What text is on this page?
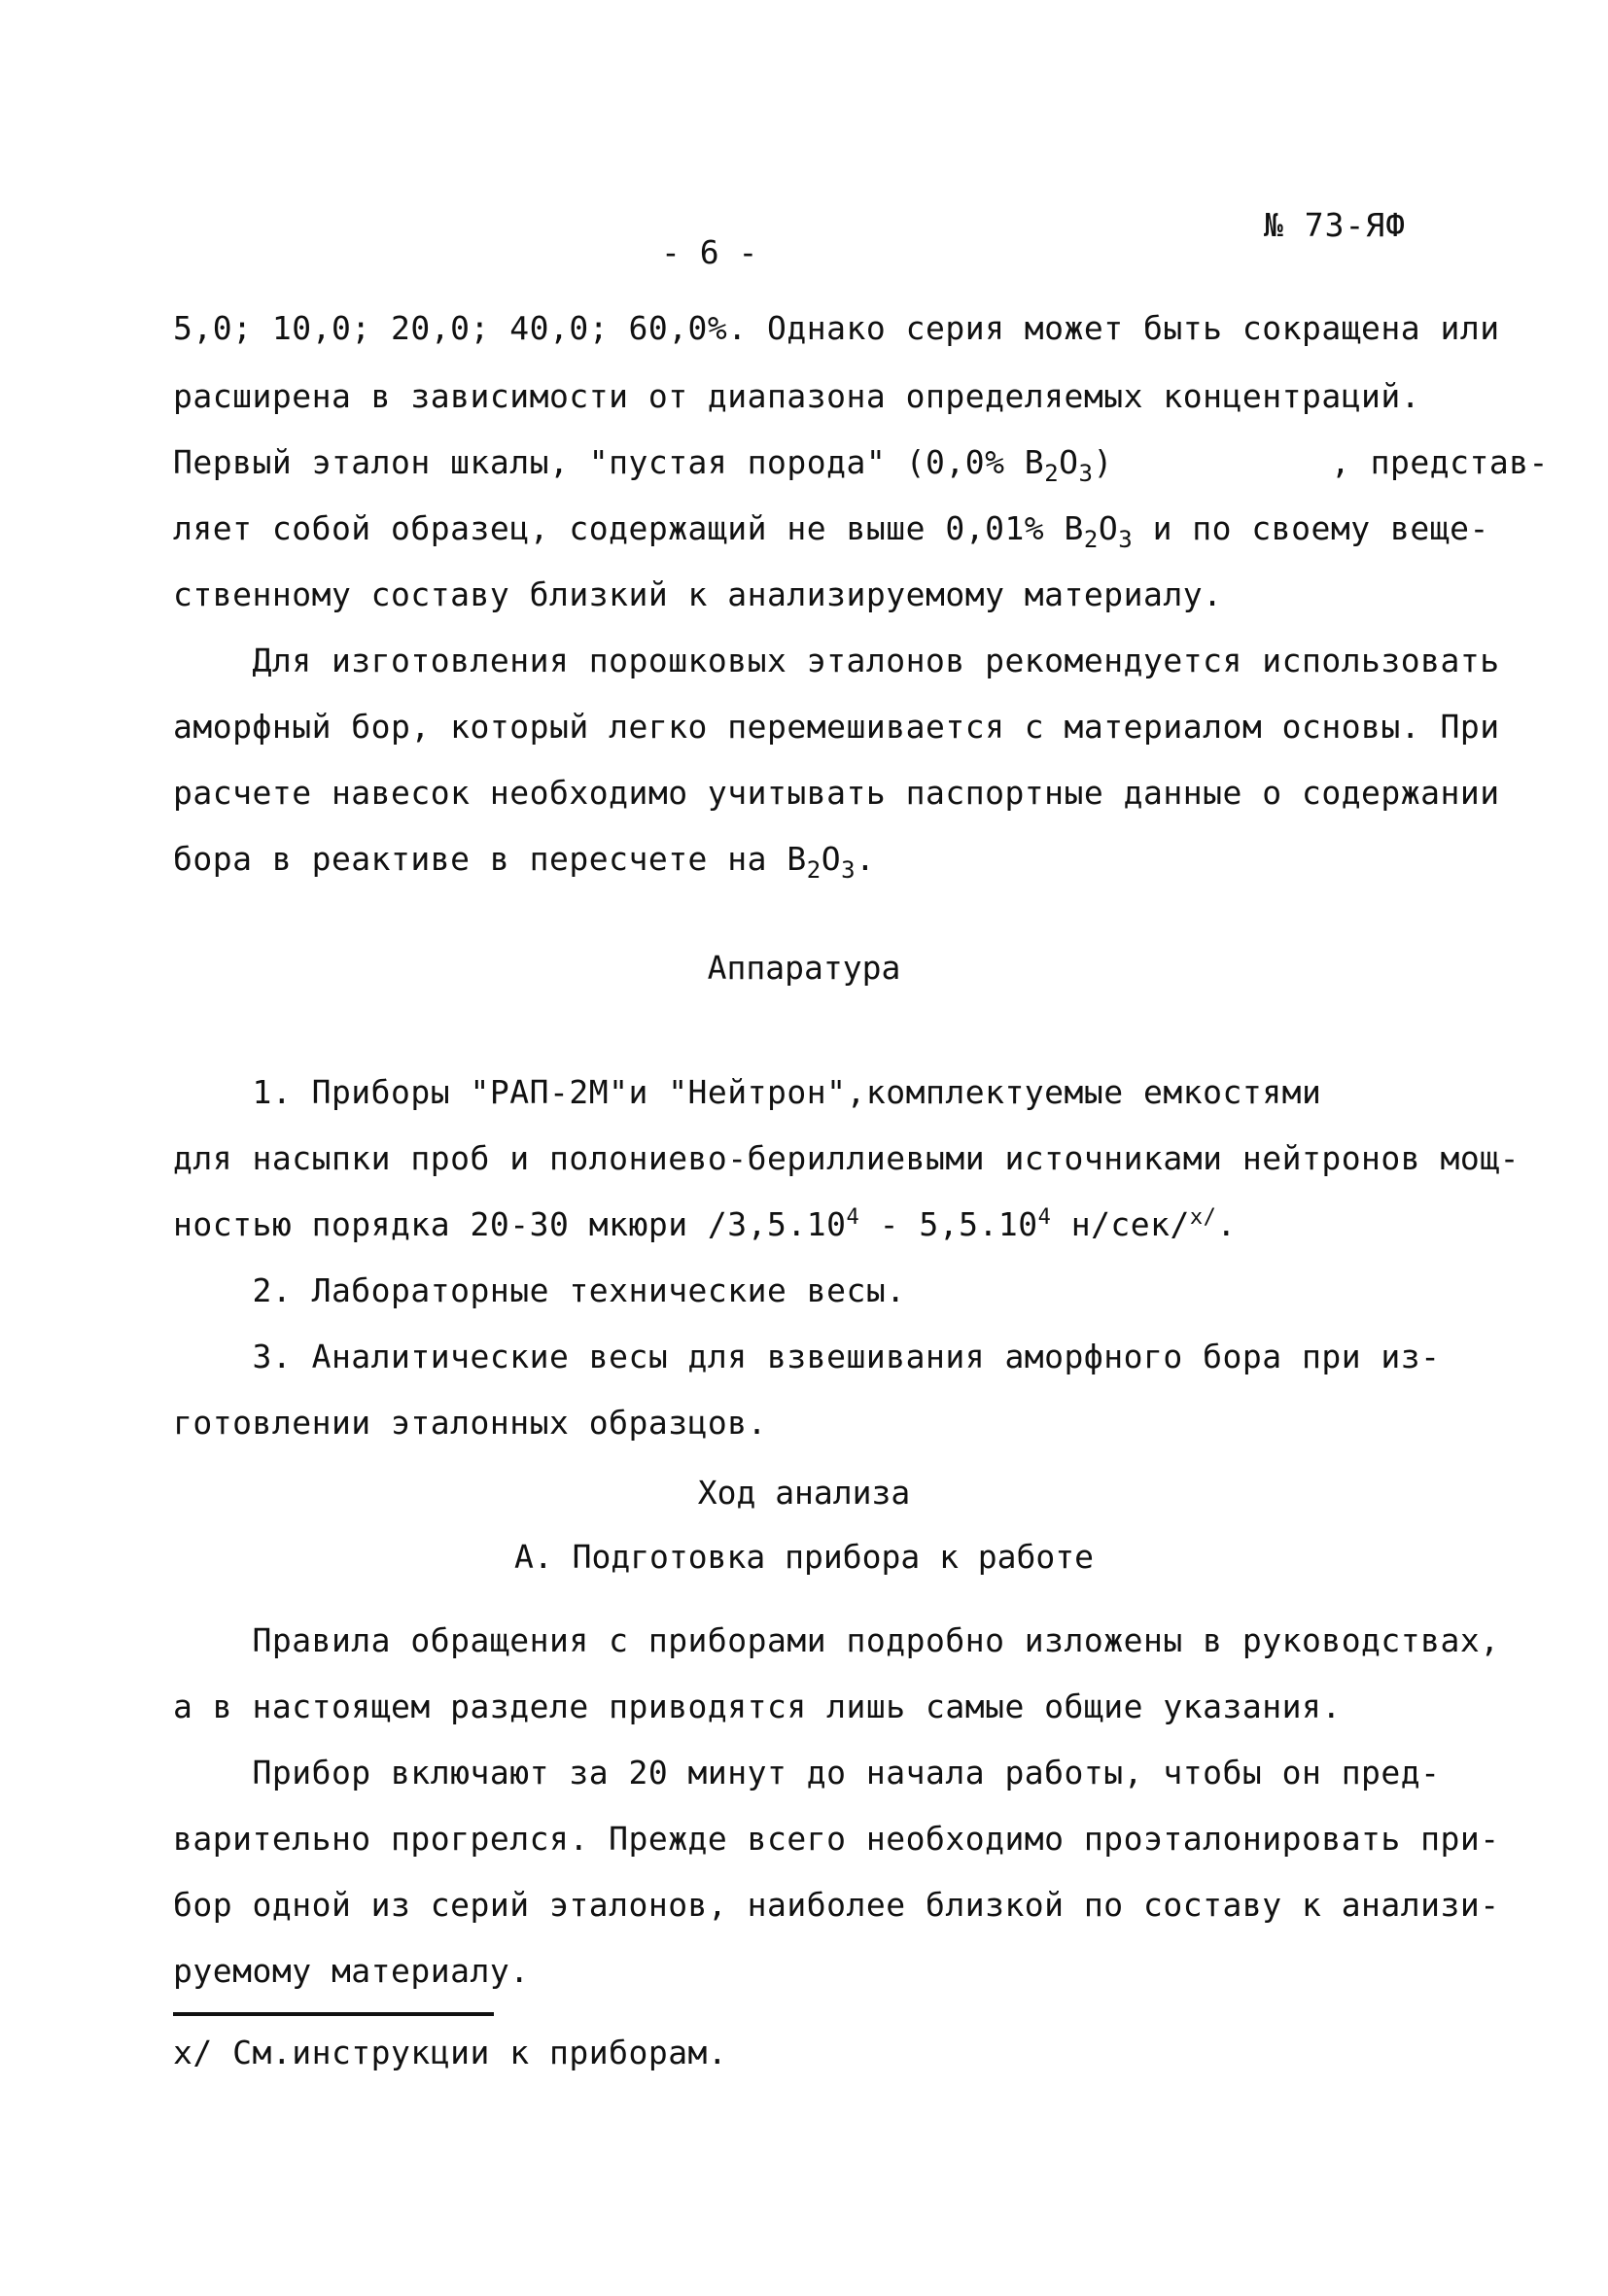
№ 73-ЯФ
- 6 -
5,0; 10,0; 20,0; 40,0; 60,0%. Однако серия может быть сокращена или
расширена в зависимости от диапазона определяемых концентраций.
Первый эталон шкалы, "пустая порода" (0,0% $B_2O_3$)           , представ-
ляет собой образец, содержащий не выше 0,01% $B_2O_3$ и по своему веще-
ственному составу близкий к анализируемому материалу.
Для изготовления порошковых эталонов рекомендуется использовать
аморфный бор, который легко перемешивается с материалом основы. При
расчете навесок необходимо учитывать паспортные данные о содержании
бора в реактиве в пересчете на $B_2O_3$.
Аппаратура
1. Приборы "РАП-2М"и "Нейтрон",комплектуемые емкостями
для насыпки проб и полониево-бериллиевыми источниками нейтронов мощ-
ностью порядка 20-30 мкюри /3,5.10$^4$ - 5,5.10$^4$ н/сек/$^{x/}$.
2. Лабораторные технические весы.
3. Аналитические весы для взвешивания аморфного бора при из-
готовлении эталонных образцов.
Ход анализа
А. Подготовка прибора к работе
Правила обращения с приборами подробно изложены в руководствах,
а в настоящем разделе приводятся лишь самые общие указания.
Прибор включают за 20 минут до начала работы, чтобы он пред-
варительно прогрелся. Прежде всего необходимо проэталонировать при-
бор одной из серий эталонов, наиболее близкой по составу к анализи-
руемому материалу.
x/ См.инструкции к приборам.
